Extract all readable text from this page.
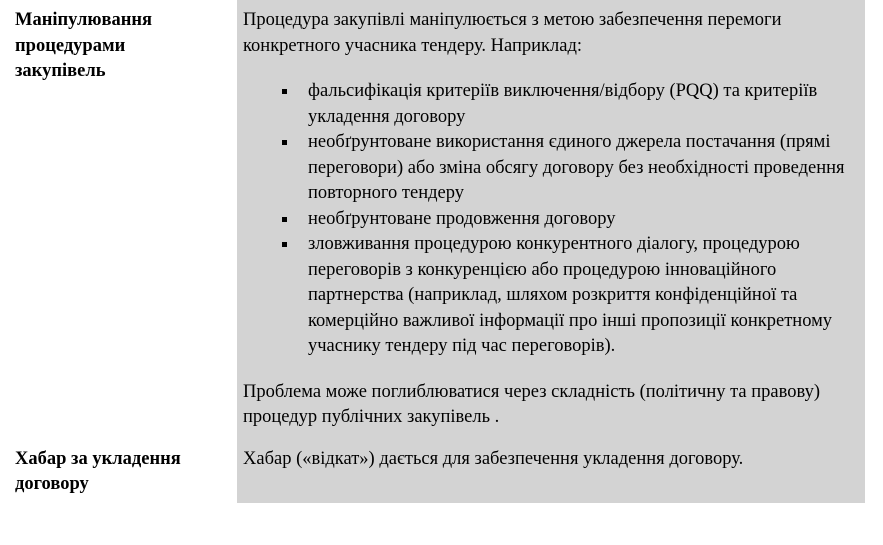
Маніпулювання процедурами закупівель

Процедура закупівлі маніпулюється з метою забезпечення перемоги конкретного учасника тендеру. Наприклад:

фальсифікація критеріїв виключення/відбору (PQQ) та критеріїв укладення договору
необґрунтоване використання єдиного джерела постачання (прямі переговори) або зміна обсягу договору без необхідності проведення повторного тендеру
необґрунтоване продовження договору
зловживання процедурою конкурентного діалогу, процедурою переговорів з конкуренцією або процедурою інноваційного партнерства (наприклад, шляхом розкриття конфіденційної та комерційно важливої інформації про інші пропозиції конкретному учаснику тендеру під час переговорів).

Проблема може поглиблюватися через складність (політичну та правову) процедур публічних закупівель .

Хабар за укладення договору

Хабар («відкат») дається для забезпечення укладення договору.
